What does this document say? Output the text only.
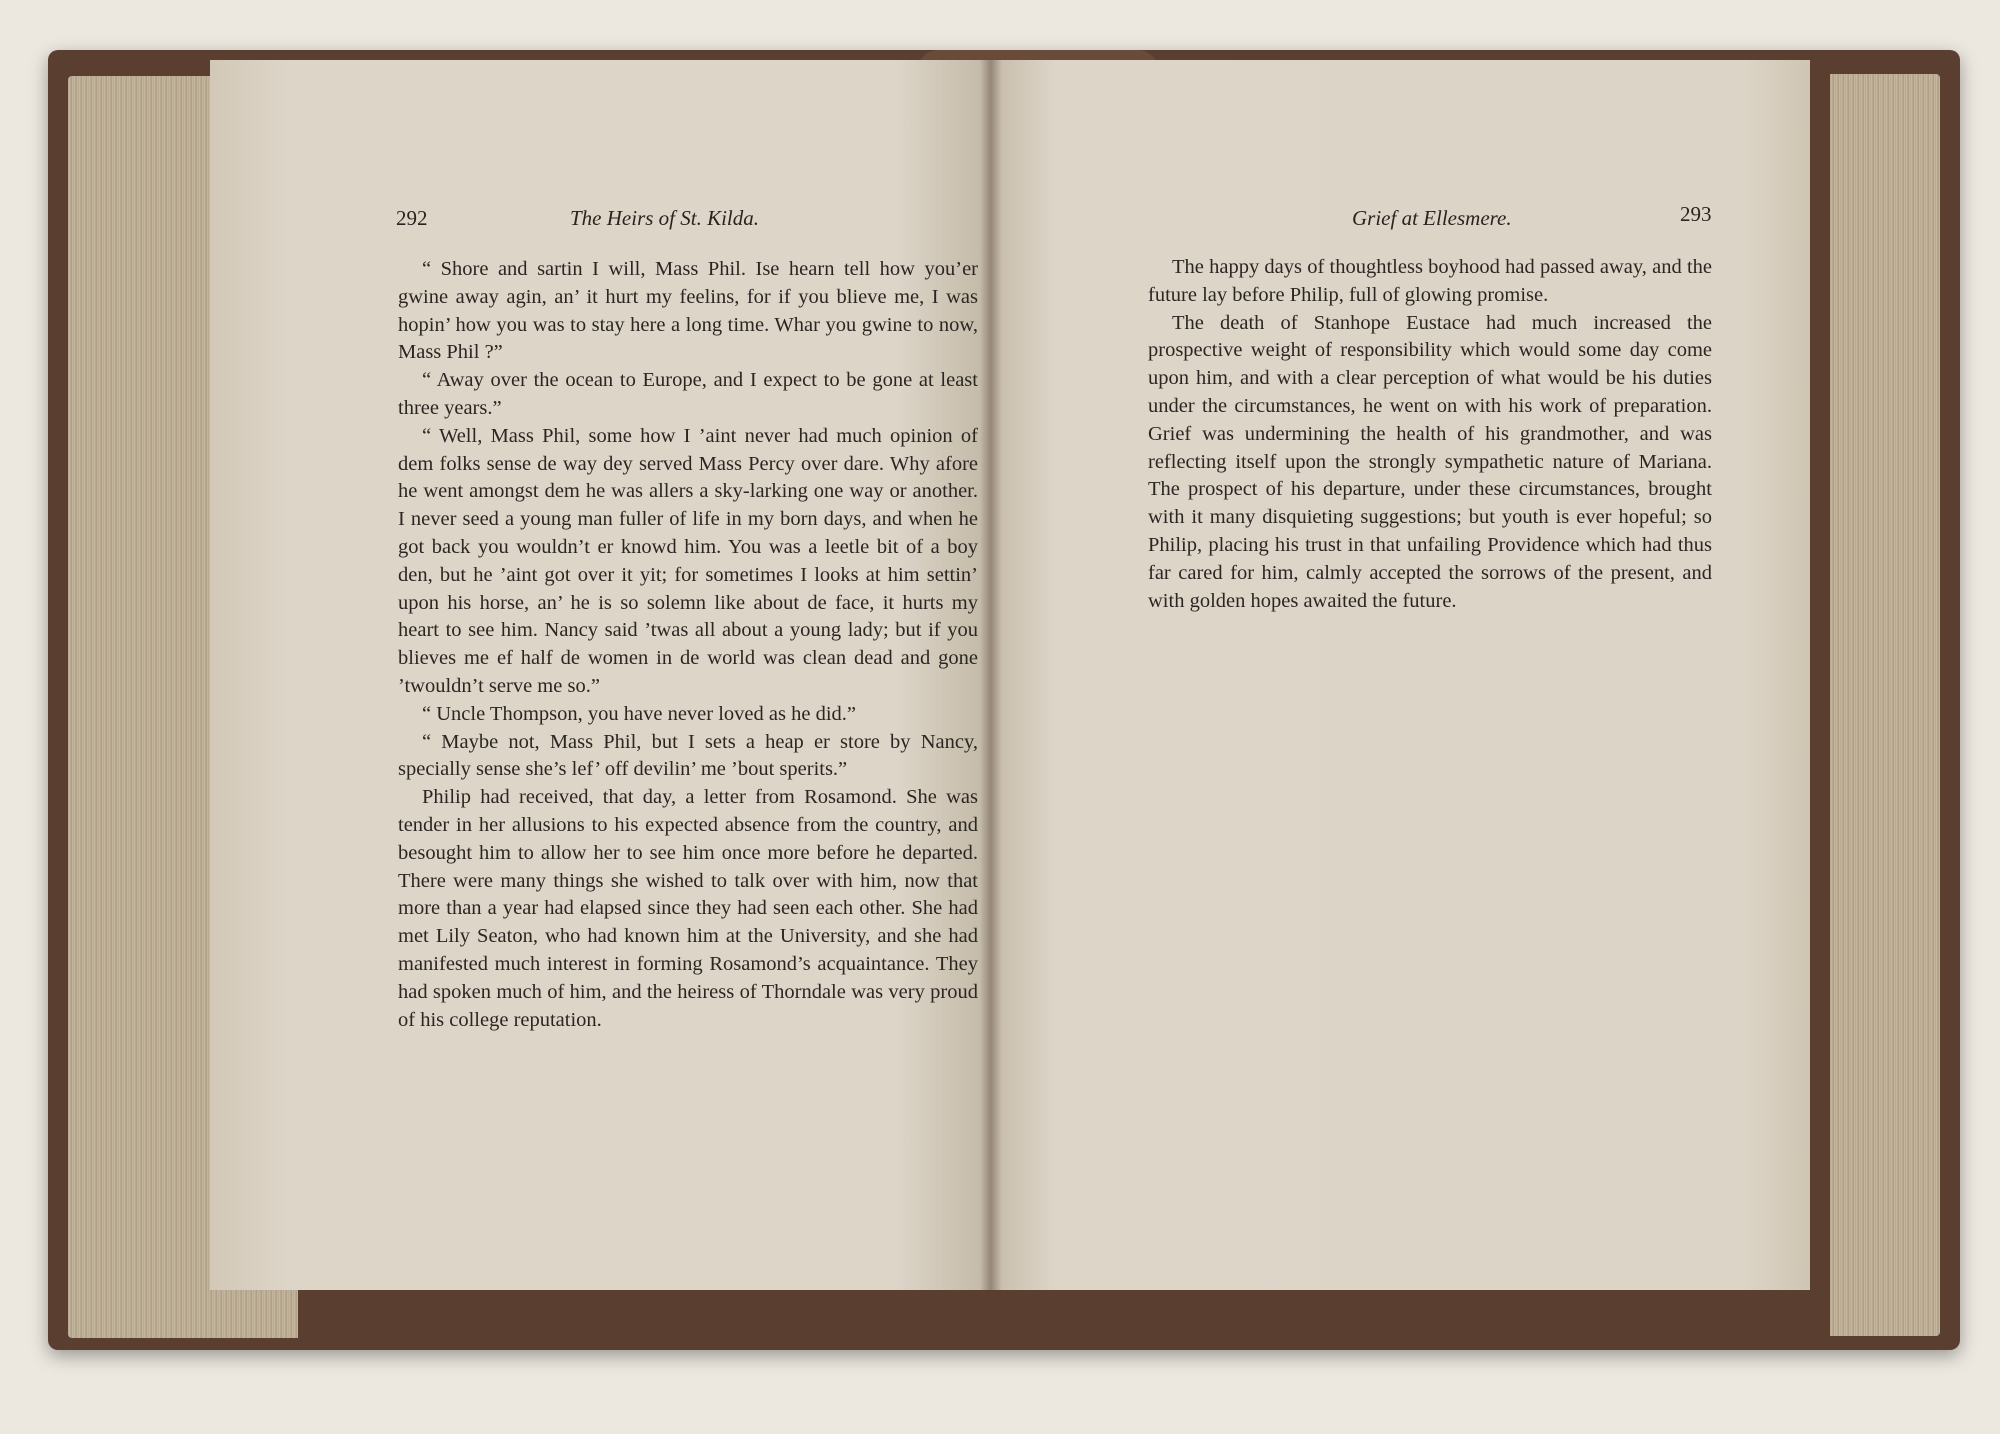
292	The Heirs of St. Kilda.	Grief at Ellesmere.	293

“ Shore and sartin I will, Mass Phil. Ise hearn tell how you’er gwine away agin, an’ it hurt my feelins, for if you blieve me, I was hopin’ how you was to stay here a long time. Whar you gwine to now, Mass Phil ?”

“ Away over the ocean to Europe, and I expect to be gone at least three years.”

“ Well, Mass Phil, some how I ’aint never had much opinion of dem folks sense de way dey served Mass Percy over dare. Why afore he went amongst dem he was allers a sky-larking one way or another. I never seed a young man fuller of life in my born days, and when he got back you wouldn’t er knowd him. You was a leetle bit of a boy den, but he ’aint got over it yit; for sometimes I looks at him settin’ upon his horse, an’ he is so solemn like about de face, it hurts my heart to see him. Nancy said ’twas all about a young lady; but if you blieves me ef half de women in de world was clean dead and gone ’twouldn’t serve me so.”

“ Uncle Thompson, you have never loved as he did.”

“ Maybe not, Mass Phil, but I sets a heap er store by Nancy, specially sense she’s lef’ off devilin’ me ’bout sperits.”

Philip had received, that day, a letter from Rosamond. She was tender in her allusions to his expected absence from the country, and besought him to allow her to see him once more before he departed. There were many things she wished to talk over with him, now that more than a year had elapsed since they had seen each other. She had met Lily Seaton, who had known him at the University, and she had manifested much interest in forming Rosamond’s acquaintance. They had spoken much of him, and the heiress of Thorndale was very proud of his college reputation.

The happy days of thoughtless boyhood had passed away, and the future lay before Philip, full of glowing promise.

The death of Stanhope Eustace had much increased the prospective weight of responsibility which would some day come upon him, and with a clear perception of what would be his duties under the circumstances, he went on with his work of preparation. Grief was undermining the health of his grandmother, and was reflecting itself upon the strongly sympathetic nature of Mariana. The prospect of his departure, under these circumstances, brought with it many disquieting suggestions; but youth is ever hopeful; so Philip, placing his trust in that unfailing Providence which had thus far cared for him, calmly accepted the sorrows of the present, and with golden hopes awaited the future.
